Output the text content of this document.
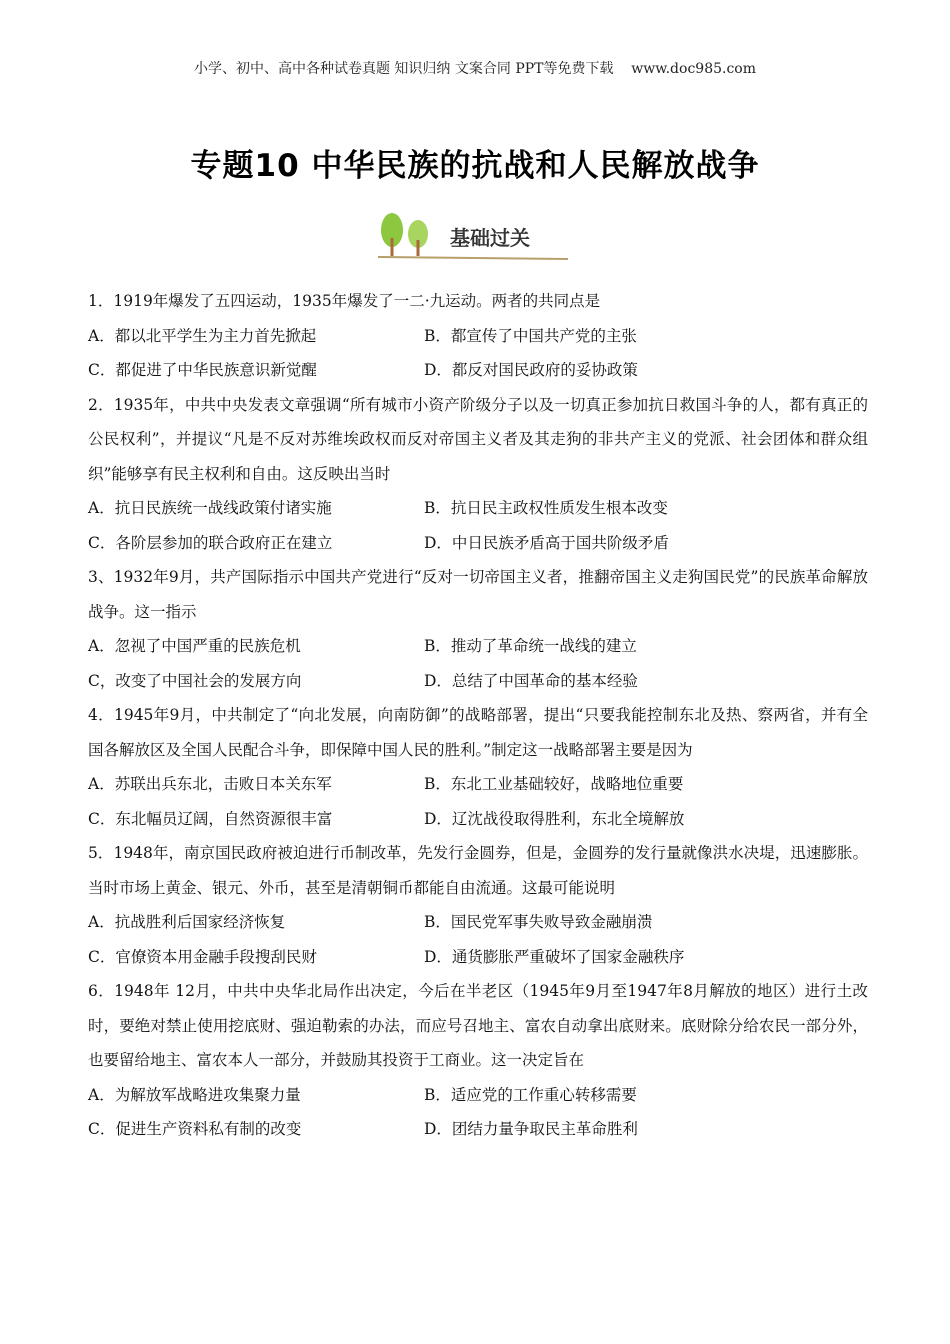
小学、初中、高中各种试卷真题 知识归纳 文案合同 PPT等免费下载    www.doc985.com
专题10 中华民族的抗战和人民解放战争
基础过关
1．1919年爆发了五四运动，1935年爆发了一二·九运动。两者的共同点是
A．都以北平学生为主力首先掀起	B．都宣传了中国共产党的主张
C．都促进了中华民族意识新觉醒	D．都反对国民政府的妥协政策
2．1935年，中共中央发表文章强调“所有城市小资产阶级分子以及一切真正参加抗日救国斗争的人，都有真正的公民权利”，并提议“凡是不反对苏维埃政权而反对帝国主义者及其走狗的非共产主义的党派、社会团体和群众组织”能够享有民主权利和自由。这反映出当时
A．抗日民族统一战线政策付诸实施	B．抗日民主政权性质发生根本改变
C．各阶层参加的联合政府正在建立	D．中日民族矛盾高于国共阶级矛盾
3、1932年9月，共产国际指示中国共产党进行“反对一切帝国主义者，推翻帝国主义走狗国民党”的民族革命解放战争。这一指示
A．忽视了中国严重的民族危机	B．推动了革命统一战线的建立
C，改变了中国社会的发展方向	D．总结了中国革命的基本经验
4．1945年9月，中共制定了“向北发展，向南防御”的战略部署，提出“只要我能控制东北及热、察两省，并有全国各解放区及全国人民配合斗争，即保障中国人民的胜利。”制定这一战略部署主要是因为
A．苏联出兵东北，击败日本关东军	B．东北工业基础较好，战略地位重要
C．东北幅员辽阔，自然资源很丰富	D．辽沈战役取得胜利，东北全境解放
5．1948年，南京国民政府被迫进行币制改革，先发行金圆券，但是，金圆券的发行量就像洪水决堤，迅速膨胀。当时市场上黄金、银元、外币，甚至是清朝铜币都能自由流通。这最可能说明
A．抗战胜利后国家经济恢复	B．国民党军事失败导致金融崩溃
C．官僚资本用金融手段搜刮民财	D．通货膨胀严重破坏了国家金融秩序
6．1948年 12月，中共中央华北局作出决定，今后在半老区（1945年9月至1947年8月解放的地区）进行土改时，要绝对禁止使用挖底财、强迫勒索的办法，而应号召地主、富农自动拿出底财来。底财除分给农民一部分外，也要留给地主、富农本人一部分，并鼓励其投资于工商业。这一决定旨在
A．为解放军战略进攻集聚力量	B．适应党的工作重心转移需要
C．促进生产资料私有制的改变	D．团结力量争取民主革命胜利
